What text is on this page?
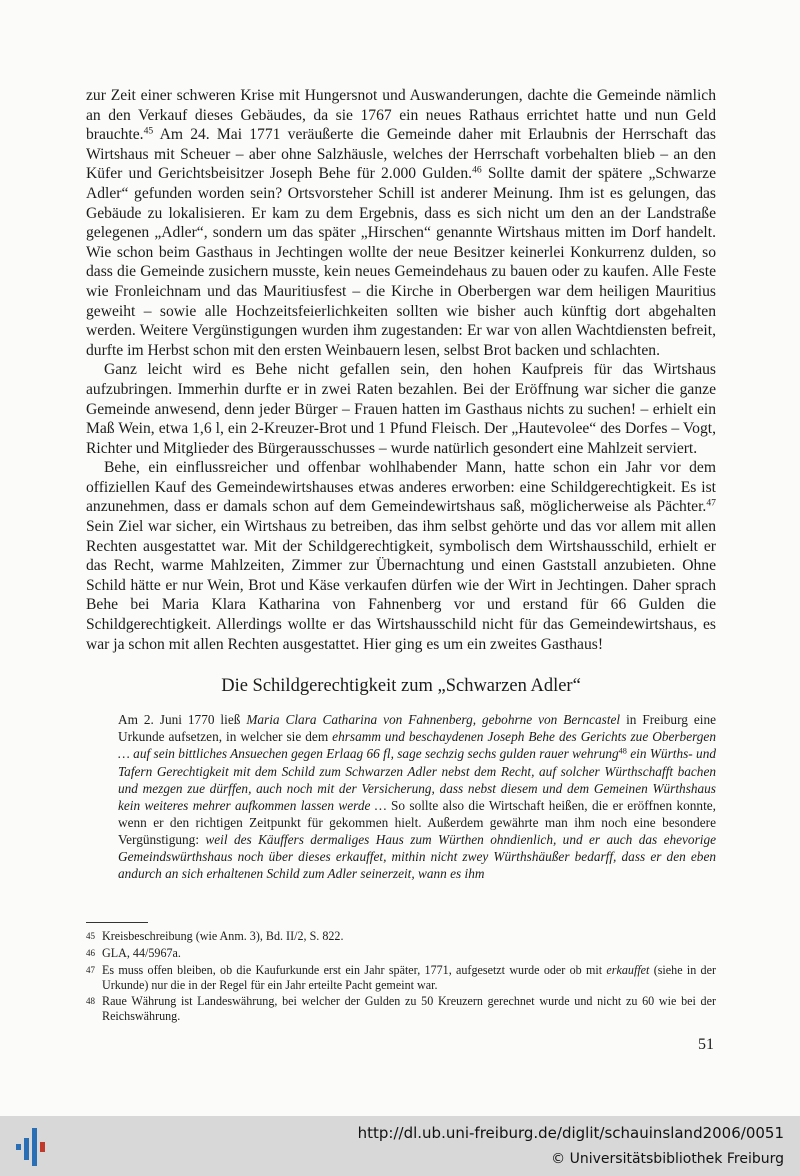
zur Zeit einer schweren Krise mit Hungersnot und Auswanderungen, dachte die Gemeinde nämlich an den Verkauf dieses Gebäudes, da sie 1767 ein neues Rathaus errichtet hatte und nun Geld brauchte.$^{45}$ Am 24. Mai 1771 veräußerte die Gemeinde daher mit Erlaubnis der Herrschaft das Wirtshaus mit Scheuer – aber ohne Salzhäusle, welches der Herrschaft vorbehalten blieb – an den Küfer und Gerichtsbeisitzer Joseph Behe für 2.000 Gulden.$^{46}$ Sollte damit der spätere „Schwarze Adler“ gefunden worden sein? Ortsvorsteher Schill ist anderer Meinung. Ihm ist es gelungen, das Gebäude zu lokalisieren. Er kam zu dem Ergebnis, dass es sich nicht um den an der Landstraße gelegenen „Adler“, sondern um das später „Hirschen“ genannte Wirtshaus mitten im Dorf handelt. Wie schon beim Gasthaus in Jechtingen wollte der neue Besitzer keinerlei Konkurrenz dulden, so dass die Gemeinde zusichern musste, kein neues Gemeindehaus zu bauen oder zu kaufen. Alle Feste wie Fronleichnam und das Mauritiusfest – die Kirche in Oberbergen war dem heiligen Mauritius geweiht – sowie alle Hochzeitsfeierlichkeiten sollten wie bisher auch künftig dort abgehalten werden. Weitere Vergünstigungen wurden ihm zugestanden: Er war von allen Wachtdiensten befreit, durfte im Herbst schon mit den ersten Weinbauern lesen, selbst Brot backen und schlachten.

Ganz leicht wird es Behe nicht gefallen sein, den hohen Kaufpreis für das Wirtshaus aufzubringen. Immerhin durfte er in zwei Raten bezahlen. Bei der Eröffnung war sicher die ganze Gemeinde anwesend, denn jeder Bürger – Frauen hatten im Gasthaus nichts zu suchen! – erhielt ein Maß Wein, etwa 1,6 l, ein 2-Kreuzer-Brot und 1 Pfund Fleisch. Der „Hautevolee“ des Dorfes – Vogt, Richter und Mitglieder des Bürgerausschusses – wurde natürlich gesondert eine Mahlzeit serviert.

Behe, ein einflussreicher und offenbar wohlhabender Mann, hatte schon ein Jahr vor dem offiziellen Kauf des Gemeindewirtshauses etwas anderes erworben: eine Schildgerechtigkeit. Es ist anzunehmen, dass er damals schon auf dem Gemeindewirtshaus saß, möglicherweise als Pächter.$^{47}$ Sein Ziel war sicher, ein Wirtshaus zu betreiben, das ihm selbst gehörte und das vor allem mit allen Rechten ausgestattet war. Mit der Schildgerechtigkeit, symbolisch dem Wirtshausschild, erhielt er das Recht, warme Mahlzeiten, Zimmer zur Übernachtung und einen Gaststall anzubieten. Ohne Schild hätte er nur Wein, Brot und Käse verkaufen dürfen wie der Wirt in Jechtingen. Daher sprach Behe bei Maria Klara Katharina von Fahnenberg vor und erstand für 66 Gulden die Schildgerechtigkeit. Allerdings wollte er das Wirtshausschild nicht für das Gemeindewirtshaus, es war ja schon mit allen Rechten ausgestattet. Hier ging es um ein zweites Gasthaus!

Die Schildgerechtigkeit zum „Schwarzen Adler“
Am 2. Juni 1770 ließ Maria Clara Catharina von Fahnenberg, gebohrne von Berncastel in Freiburg eine Urkunde aufsetzen, in welcher sie dem ehrsamm und beschaydenen Joseph Behe des Gerichts zue Oberbergen … auf sein bittliches Ansuechen gegen Erlaag 66 fl, sage sechzig sechs gulden rauer wehrung$^{48}$ ein Würths- und Tafern Gerechtigkeit mit dem Schild zum Schwarzen Adler nebst dem Recht, auf solcher Würthschafft bachen und mezgen zue dürffen, auch noch mit der Versicherung, dass nebst diesem und dem Gemeinen Würthshaus kein weiteres mehrer aufkommen lassen werde … So sollte also die Wirtschaft heißen, die er eröffnen konnte, wenn er den richtigen Zeitpunkt für gekommen hielt. Außerdem gewährte man ihm noch eine besondere Vergünstigung: weil des Käuffers dermaliges Haus zum Würthen ohndienlich, und er auch das ehevorige Gemeindswürthshaus noch über dieses erkauffet, mithin nicht zwey Würthshäußer bedarff, dass er den eben andurch an sich erhaltenen Schild zum Adler seinerzeit, wann es ihm
45 Kreisbeschreibung (wie Anm. 3), Bd. II/2, S. 822.
46 GLA, 44/5967a.
47 Es muss offen bleiben, ob die Kaufurkunde erst ein Jahr später, 1771, aufgesetzt wurde oder ob mit erkauffet (siehe in der Urkunde) nur die in der Regel für ein Jahr erteilte Pacht gemeint war.
48 Raue Währung ist Landeswährung, bei welcher der Gulden zu 50 Kreuzern gerechnet wurde und nicht zu 60 wie bei der Reichswährung.
51
http://dl.ub.uni-freiburg.de/diglit/schauinsland2006/0051
© Universitätsbibliothek Freiburg
